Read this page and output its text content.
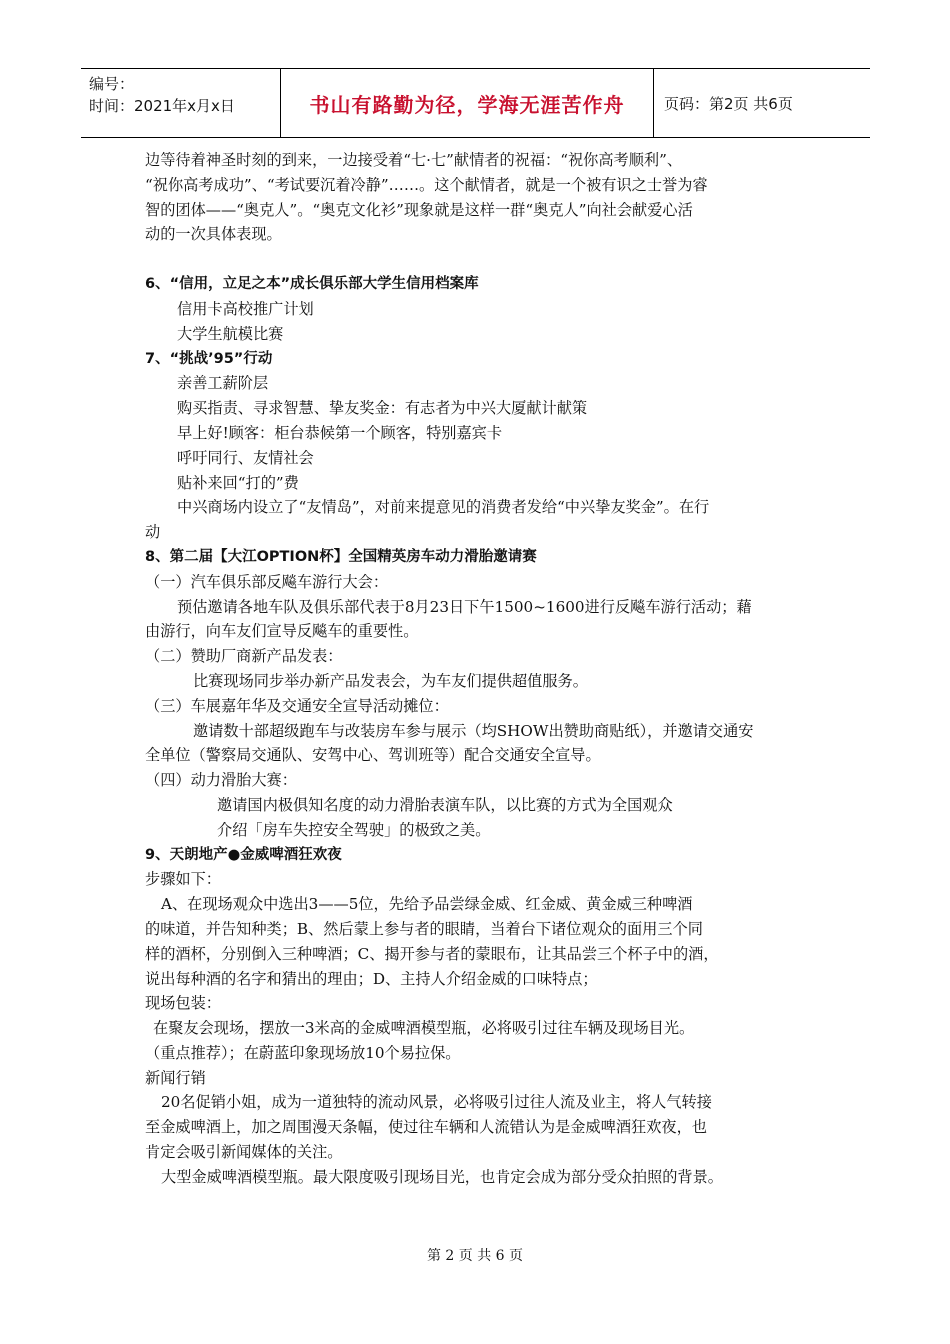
编号：
时间：2021年x月x日	书山有路勤为径，学海无涯苦作舟	页码：第2页 共6页
边等待着神圣时刻的到来，一边接受着“七·七”献情者的祝福：“祝你高考顺利”、
“祝你高考成功”、“考试要沉着冷静”……。这个献情者，就是一个被有识之士誉为睿
智的团体——“奥克人”。“奥克文化衫”现象就是这样一群“奥克人”向社会献爱心活
动的一次具体表现。
6、“信用，立足之本”成长俱乐部大学生信用档案库
信用卡高校推广计划
大学生航模比赛
7、“挑战’95”行动
亲善工薪阶层
购买指责、寻求智慧、挚友奖金：有志者为中兴大厦献计献策
早上好!顾客：柜台恭候第一个顾客，特别嘉宾卡
呼吁同行、友情社会
贴补来回“打的”费
中兴商场内设立了“友情岛”，对前来提意见的消费者发给“中兴挚友奖金”。在行
动
8、第二届【大江OPTION杯】全国精英房车动力滑胎邀请赛
（一）汽车俱乐部反飚车游行大会：
预估邀请各地车队及俱乐部代表于8月23日下午1500~1600进行反飚车游行活动；藉
由游行，向车友们宣导反飚车的重要性。
（二）赞助厂商新产品发表：
比赛现场同步举办新产品发表会，为车友们提供超值服务。
（三）车展嘉年华及交通安全宣导活动摊位：
邀请数十部超级跑车与改装房车参与展示（均SHOW出赞助商贴纸），并邀请交通安
全单位（警察局交通队、安驾中心、驾训班等）配合交通安全宣导。
（四）动力滑胎大赛：
邀请国内极俱知名度的动力滑胎表演车队，以比赛的方式为全国观众
介绍「房车失控安全驾驶」的极致之美。
9、天朗地产●金威啤酒狂欢夜
步骤如下：
A、在现场观众中选出3——5位，先给予品尝绿金威、红金威、黄金威三种啤酒
的味道，并告知种类；B、然后蒙上参与者的眼睛，当着台下诸位观众的面用三个同
样的酒杯，分别倒入三种啤酒；C、揭开参与者的蒙眼布，让其品尝三个杯子中的酒，
说出每种酒的名字和猜出的理由；D、主持人介绍金威的口味特点；
现场包装：
在聚友会现场，摆放一3米高的金威啤酒模型瓶，必将吸引过往车辆及现场目光。
（重点推荐）；在蔚蓝印象现场放10个易拉保。
新闻行销
20名促销小姐，成为一道独特的流动风景，必将吸引过往人流及业主，将人气转接
至金威啤酒上，加之周围漫天条幅，使过往车辆和人流错认为是金威啤酒狂欢夜，也
肯定会吸引新闻媒体的关注。
大型金威啤酒模型瓶。最大限度吸引现场目光，也肯定会成为部分受众拍照的背景。
第 2 页 共 6 页
